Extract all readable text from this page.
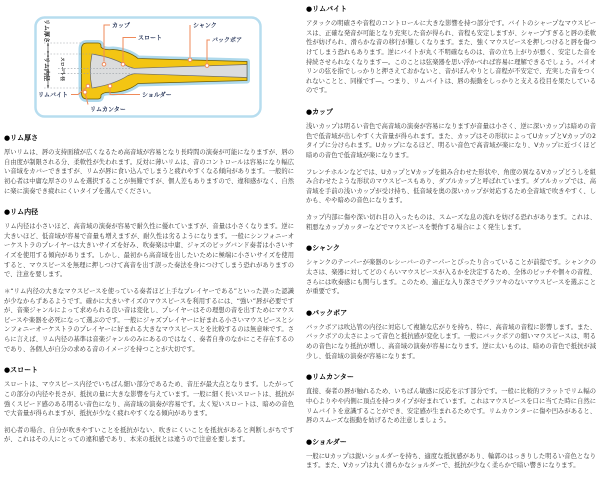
リム厚さ
リム内径 スロート径
カップ
スロート
シャンク
バックボア
リムバイト	ショルダー
リムカンター
●リム厚さ

厚いリムは、唇の支持面積が広くなるため高音域が容易となり長時間の演奏が可能になりますが、唇の自由度が制限される分、柔軟性が失われます。反対に薄いリムは、音のコントロールは容易になり幅広い音域をカバーできますが、リムが唇に食い込んでしまうと疲れやすくなる傾向があります。一般的に初心者は中庸な厚さのリムを選択することが無難ですが、個人差もありますので、違和感がなく、自然に楽に演奏でき疲れにくいタイプを選んでください。

●リム内径

リム内径は小さいほど、高音域の演奏が容易で耐久性に優れていますが、音量は小さくなります。逆に大きいほど、低音域が容易で音量も増えますが、耐久性は劣るようになります。一般にシンフォニーオーケストラのプレイヤーは大きいサイズを好み、吹奏楽は中庸、ジャズのビッグバンド奏者は小さいサイズを使用する傾向があります。しかし、最初から高音域を出したいために極端に小さいサイズを使用すると、マウスピースを無理に押しつけて高音を出す誤った奏法を身につけてしまう恐れがありますので、注意を要します。

＊“リム内径の大きなマウスピースを使っている奏者ほど上手なプレイヤーである”といった誤った認識が少なからずあるようです。確かに大きいサイズのマウスピースを利用するには、“強い”唇が必要ですが、音楽ジャンルによって求められる良い音は変化し、プレイヤーはその理想の音を出すためにマウスピースや楽器を必死になって選ぶのです。一般にジャズプレイヤーに好まれる小さいマウスピースとシンフォニーオーケストラのプレイヤーに好まれる大きなマウスピースとを比較するのは無意味です。さらに言えば、リム内径の基準は音楽ジャンルのみにあるのではなく、奏者自身のなかにこそ存在するのであり、各個人が自分の求める音のイメージを持つことが大切です。

●スロート

スロートは、マウスピース内径でいちばん細い部分であるため、音圧が最大点となります。したがってこの部分の内径や長さが、抵抗の量に大きな影響を与えています。一般に細く長いスロートは、抵抗が強くスピード感のある明るい音色になり、高音域の演奏が容易です。太く短いスロートは、暗めの音色で大音量が得られますが、抵抗が少なく疲れやすくなる傾向があります。

初心者の場合、自分が吹きやすいことを抵抗がない、吹きにくいことを抵抗があると判断しがちですが、これはその人にとっての違和感であり、本来の抵抗とは違うので注意を要します。

●リムバイト

アタックの明確さや音程のコントロールに大きな影響を持つ部分です。バイトのシャープなマウスピースは、正確な発音が可能となり充実した音が得られ、音程も安定しますが、シャープすぎると唇の柔軟性が妨げられ、滑らかな音の移行が難しくなります。また、強くマウスピースを押しつけると唇を傷つけてしまう恐れもあります。逆にバイトが丸く不明確なものは、音の立ち上がりが悪く、安定した音を持続させられなくなります—。このことは弦楽器を思い浮かべれば容易に理解できるでしょう。バイオリンの弦を指でしっかりと押さえておかないと、音がぼんやりとし音程が不安定で、充実した音をつくれないことと、同様です—。つまり、リムバイトは、唇の振動をしっかりと支える役目を果たしているのです。

●カップ

浅いカップは明るい音色で高音域の演奏が容易になりますが音量は小さく、逆に深いカップは暗めの音色で低音域が出しやすく大音量が得られます。また、カップはその形状によってUカップとVカップの2タイプに分けられます。Uカップになるほど、明るい音色で高音域が楽になり、Vカップに近づくほど暗めの音色で低音域が楽になります。

フレンチホルンなどでは、UカップとVカップを組み合わせた形状や、角度の異なるVカップどうしを組み合わせたような形状のマウスピースもあり、ダブルカップと呼ばれています。ダブルカップでは、高音域を手前の浅いカップが受け持ち、低音域を奥の深いカップが対応するため全音域で吹きやすく、しかも、やや暗めの音色になります。

カップ内部に傷や深い切れ目の入ったものは、スムーズな息の流れを妨げる恐れがあります。これは、粗悪なカップカッターなどでマウスピースを製作する場合によく発生します。

●シャンク

シャンクのテーパーが楽器のレシーバーのテーパーとぴったり合っていることが前提です。シャンクの太さは、楽器に対してどのくらいマウスピースが入るかを決定するため、全体のピッチや個々の音程、さらには吹奏感にも関与します。このため、適正な入り深さでグラツキのないマウスピースを選ぶことが重要です。

●バックボア

バックボアは吹込管の内径に対応して複雑な広がりを持ち、特に、高音域の音程に影響します。また、バックボアの太さによって音色と抵抗感が変化します。一般にバックボアの細いマウスピースは、明るめの音色になり抵抗が増し、高音域の演奏が容易になります。逆に太いものは、暗めの音色で抵抗が減少し、低音域の演奏が容易になります。

●リムカンター

直接、奏者の唇が触れるため、いちばん敏感に反応を示す部分です。一般に比較的フラットでリム幅の中心よりやや内側に頂点を持つタイプが好まれています。これはマウスピースを口に当てた時に自然にリムバイトを意識することができ、安定感が生まれるためです。リムカウンターに傷や凹みがあると、唇のスムーズな振動を妨げるため注意しましょう。

●ショルダー

一般にUカップは鋭いショルダーを持ち、適度な抵抗感があり、輪郭のはっきりした明るい音色となります。また、Vカップは丸く滑らかなショルダーで、抵抗が少なく柔らかで暗い響きになります。
